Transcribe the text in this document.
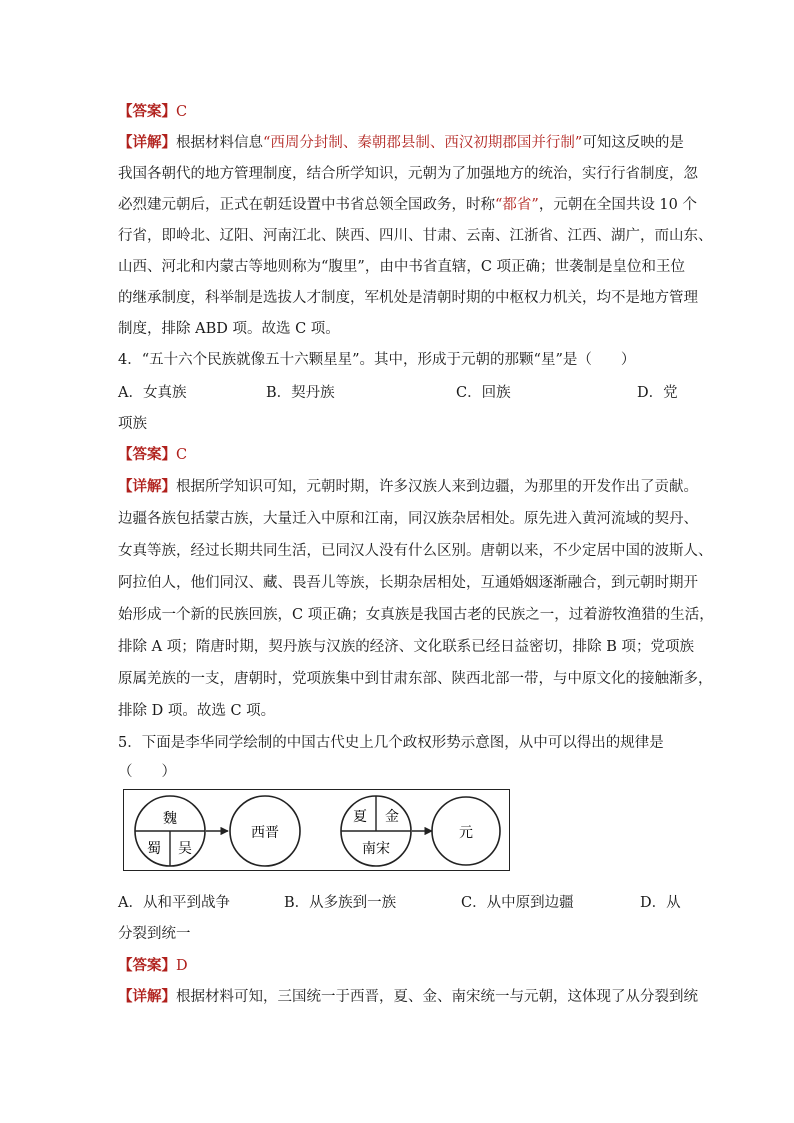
【答案】C
【详解】根据材料信息“西周分封制、秦朝郡县制、西汉初期郡国并行制”可知这反映的是
我国各朝代的地方管理制度，结合所学知识，元朝为了加强地方的统治，实行行省制度，忽
必烈建元朝后，正式在朝廷设置中书省总领全国政务，时称“都省”，元朝在全国共设 10 个
行省，即岭北、辽阳、河南江北、陕西、四川、甘肃、云南、江浙省、江西、湖广，而山东、
山西、河北和内蒙古等地则称为“腹里”，由中书省直辖，C 项正确；世袭制是皇位和王位
的继承制度，科举制是选拔人才制度，军机处是清朝时期的中枢权力机关，均不是地方管理
制度，排除 ABD 项。故选 C 项。
4．“五十六个民族就像五十六颗星星”。其中，形成于元朝的那颗“星”是（　　）
A．女真族	B．契丹族	C．回族	D．党
项族
【答案】C
【详解】根据所学知识可知，元朝时期，许多汉族人来到边疆，为那里的开发作出了贡献。
边疆各族包括蒙古族，大量迁入中原和江南，同汉族杂居相处。原先进入黄河流域的契丹、
女真等族，经过长期共同生活，已同汉人没有什么区别。唐朝以来，不少定居中国的波斯人、
阿拉伯人，他们同汉、藏、畏吾儿等族，长期杂居相处，互通婚姻逐渐融合，到元朝时期开
始形成一个新的民族回族，C 项正确；女真族是我国古老的民族之一，过着游牧渔猎的生活，
排除 A 项；隋唐时期，契丹族与汉族的经济、文化联系已经日益密切，排除 B 项；党项族
原属羌族的一支，唐朝时，党项族集中到甘肃东部、陕西北部一带，与中原文化的接触渐多，
排除 D 项。故选 C 项。
5．下面是李华同学绘制的中国古代史上几个政权形势示意图，从中可以得出的规律是
（　　）
魏
蜀 吴
西晋
夏 金
南宋
元
A．从和平到战争	B．从多族到一族	C．从中原到边疆	D．从
分裂到统一
【答案】D
【详解】根据材料可知，三国统一于西晋，夏、金、南宋统一与元朝，这体现了从分裂到统
